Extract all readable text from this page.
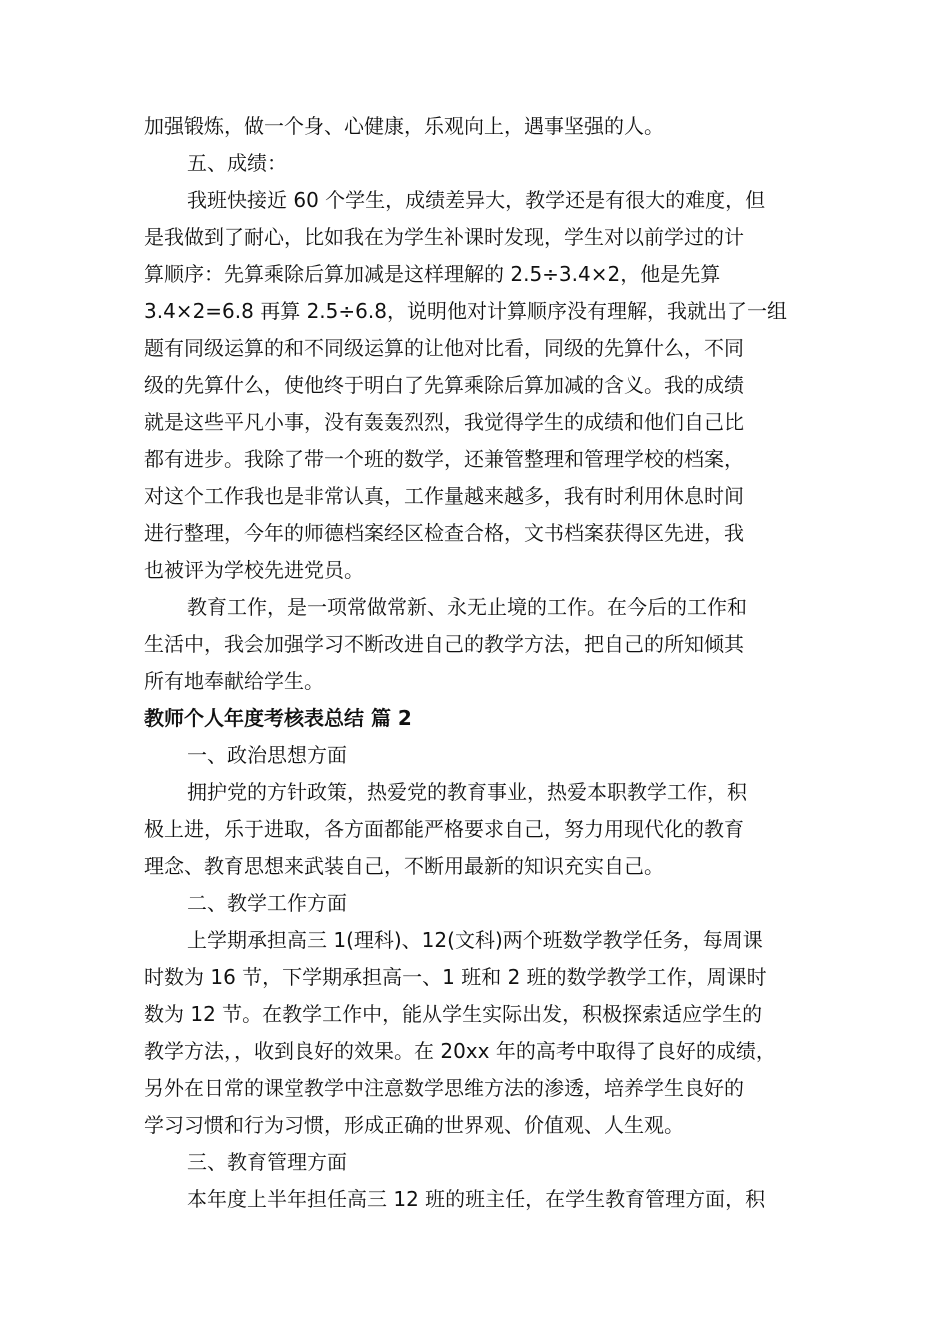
加强锻炼，做一个身、心健康，乐观向上，遇事坚强的人。
五、成绩：
我班快接近 60 个学生，成绩差异大，教学还是有很大的难度，但
是我做到了耐心，比如我在为学生补课时发现，学生对以前学过的计
算顺序：先算乘除后算加减是这样理解的 2.5÷3.4×2，他是先算
3.4×2=6.8 再算 2.5÷6.8，说明他对计算顺序没有理解，我就出了一组
题有同级运算的和不同级运算的让他对比看，同级的先算什么，不同
级的先算什么，使他终于明白了先算乘除后算加减的含义。我的成绩
就是这些平凡小事，没有轰轰烈烈，我觉得学生的成绩和他们自己比
都有进步。我除了带一个班的数学，还兼管整理和管理学校的档案，
对这个工作我也是非常认真，工作量越来越多，我有时利用休息时间
进行整理，今年的师德档案经区检查合格，文书档案获得区先进，我
也被评为学校先进党员。
教育工作，是一项常做常新、永无止境的工作。在今后的工作和
生活中，我会加强学习不断改进自己的教学方法，把自己的所知倾其
所有地奉献给学生。
教师个人年度考核表总结 篇 2
一、政治思想方面
拥护党的方针政策，热爱党的教育事业，热爱本职教学工作，积
极上进，乐于进取，各方面都能严格要求自己，努力用现代化的教育
理念、教育思想来武装自己，不断用最新的知识充实自己。
二、教学工作方面
上学期承担高三 1(理科)、12(文科)两个班数学教学任务，每周课
时数为 16 节，下学期承担高一、1 班和 2 班的数学教学工作，周课时
数为 12 节。在教学工作中，能从学生实际出发，积极探索适应学生的
教学方法，，收到良好的效果。在 20xx 年的高考中取得了良好的成绩，
另外在日常的课堂教学中注意数学思维方法的渗透，培养学生良好的
学习习惯和行为习惯，形成正确的世界观、价值观、人生观。
三、教育管理方面
本年度上半年担任高三 12 班的班主任，在学生教育管理方面，积
